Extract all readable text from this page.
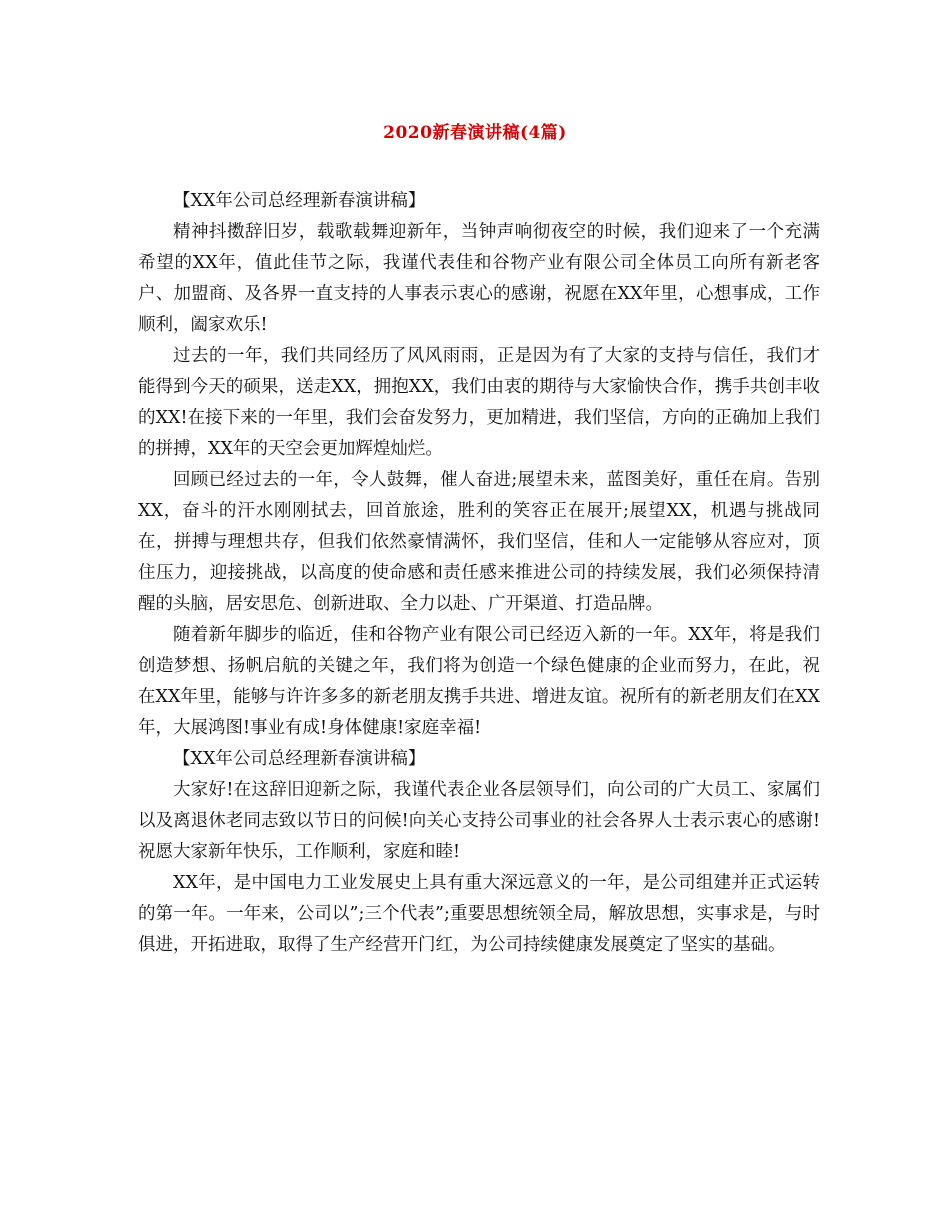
2020新春演讲稿(4篇)

【XX年公司总经理新春演讲稿】

精神抖擞辞旧岁，载歌载舞迎新年，当钟声响彻夜空的时候，我们迎来了一个充满希望的XX年，值此佳节之际，我谨代表佳和谷物产业有限公司全体员工向所有新老客户、加盟商、及各界一直支持的人事表示衷心的感谢，祝愿在XX年里，心想事成，工作顺利，阖家欢乐!

过去的一年，我们共同经历了风风雨雨，正是因为有了大家的支持与信任，我们才能得到今天的硕果，送走XX，拥抱XX，我们由衷的期待与大家愉快合作，携手共创丰收的XX!在接下来的一年里，我们会奋发努力，更加精进，我们坚信，方向的正确加上我们的拼搏，XX年的天空会更加辉煌灿烂。

回顾已经过去的一年，令人鼓舞，催人奋进;展望未来，蓝图美好，重任在肩。告别XX，奋斗的汗水刚刚拭去，回首旅途，胜利的笑容正在展开;展望XX，机遇与挑战同在，拼搏与理想共存，但我们依然豪情满怀，我们坚信，佳和人一定能够从容应对，顶住压力，迎接挑战，以高度的使命感和责任感来推进公司的持续发展，我们必须保持清醒的头脑，居安思危、创新进取、全力以赴、广开渠道、打造品牌。

随着新年脚步的临近，佳和谷物产业有限公司已经迈入新的一年。XX年，将是我们创造梦想、扬帆启航的关键之年，我们将为创造一个绿色健康的企业而努力，在此，祝在XX年里，能够与许许多多的新老朋友携手共进、增进友谊。祝所有的新老朋友们在XX年，大展鸿图!事业有成!身体健康!家庭幸福!

【XX年公司总经理新春演讲稿】

大家好!在这辞旧迎新之际，我谨代表企业各层领导们，向公司的广大员工、家属们以及离退休老同志致以节日的问候!向关心支持公司事业的社会各界人士表示衷心的感谢!祝愿大家新年快乐，工作顺利，家庭和睦!

XX年，是中国电力工业发展史上具有重大深远意义的一年，是公司组建并正式运转的第一年。一年来，公司以”;三个代表”;重要思想统领全局，解放思想，实事求是，与时俱进，开拓进取，取得了生产经营开门红，为公司持续健康发展奠定了坚实的基础。
